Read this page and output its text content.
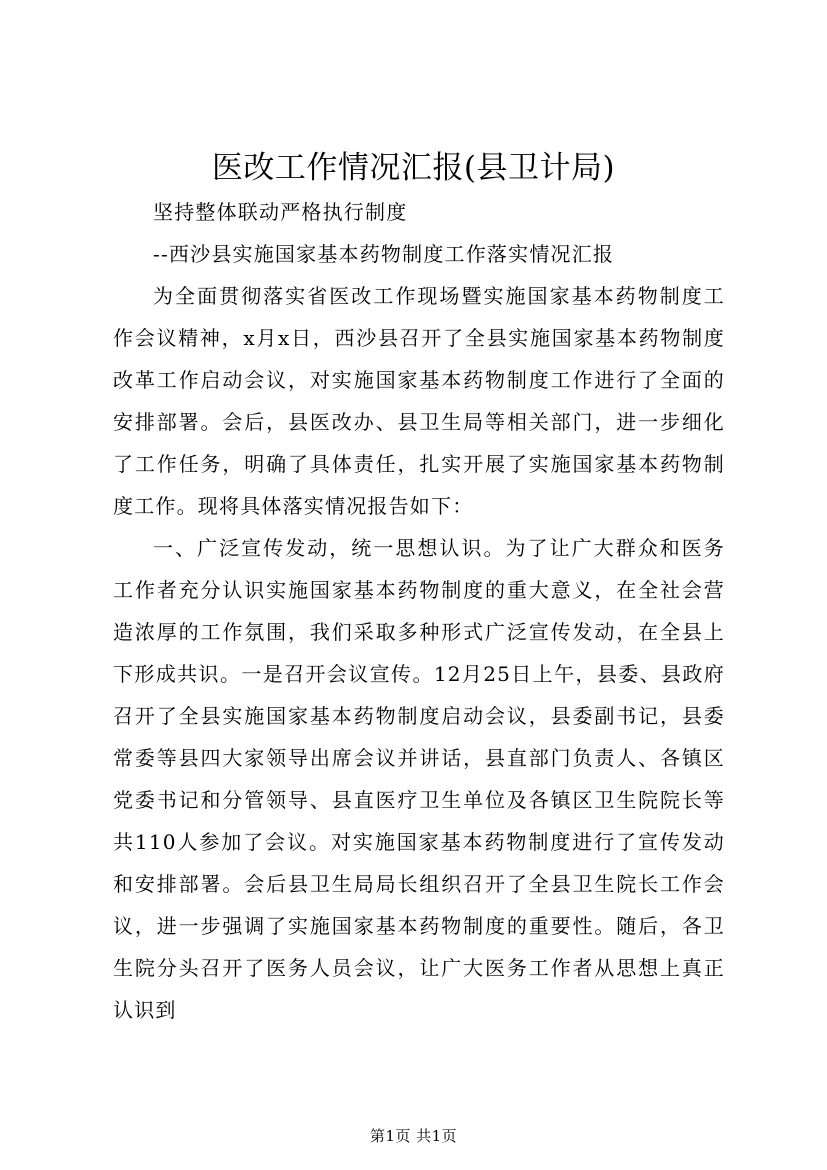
医改工作情况汇报(县卫计局)

坚持整体联动严格执行制度

--西沙县实施国家基本药物制度工作落实情况汇报

为全面贯彻落实省医改工作现场暨实施国家基本药物制度工作会议精神，x月x日，西沙县召开了全县实施国家基本药物制度改革工作启动会议，对实施国家基本药物制度工作进行了全面的安排部署。会后，县医改办、县卫生局等相关部门，进一步细化了工作任务，明确了具体责任，扎实开展了实施国家基本药物制度工作。现将具体落实情况报告如下：

一、广泛宣传发动，统一思想认识。为了让广大群众和医务工作者充分认识实施国家基本药物制度的重大意义，在全社会营造浓厚的工作氛围，我们采取多种形式广泛宣传发动，在全县上下形成共识。一是召开会议宣传。12月25日上午，县委、县政府召开了全县实施国家基本药物制度启动会议，县委副书记，县委常委等县四大家领导出席会议并讲话，县直部门负责人、各镇区党委书记和分管领导、县直医疗卫生单位及各镇区卫生院院长等共110人参加了会议。对实施国家基本药物制度进行了宣传发动和安排部署。会后县卫生局局长组织召开了全县卫生院长工作会议，进一步强调了实施国家基本药物制度的重要性。随后，各卫生院分头召开了医务人员会议，让广大医务工作者从思想上真正认识到

第1页 共1页
